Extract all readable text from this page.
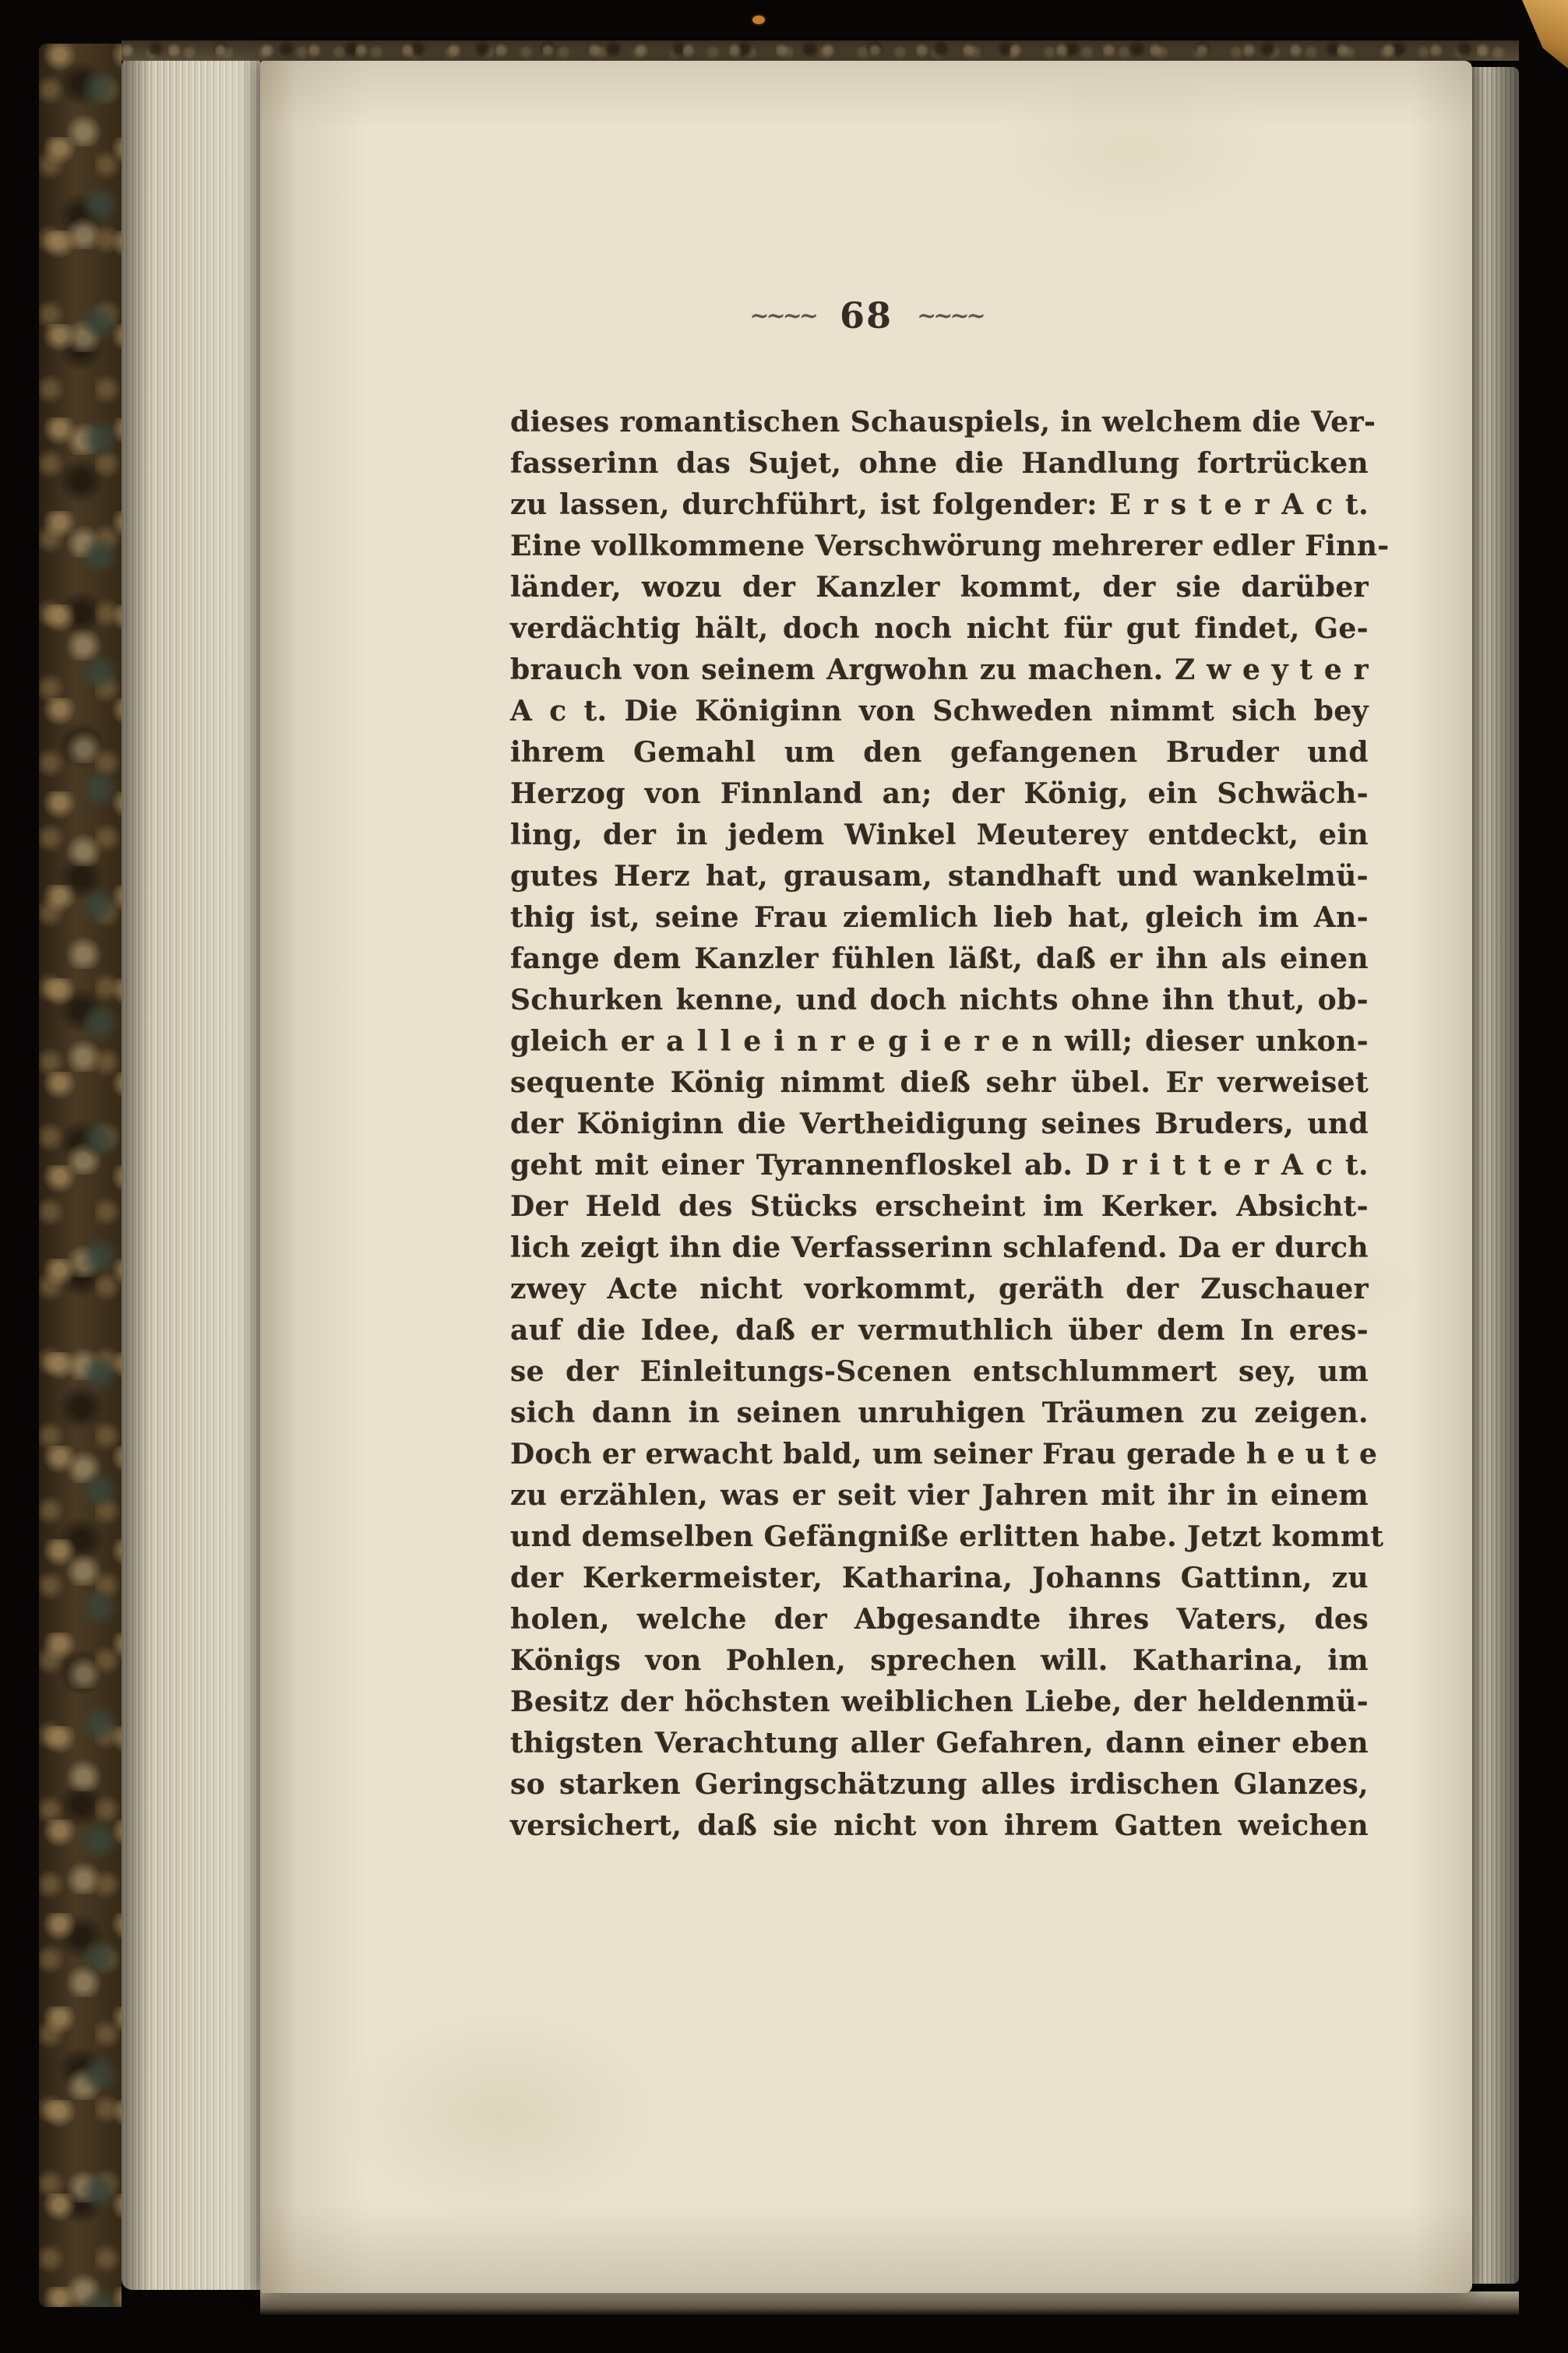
~~~~ 68 ~~~~
dieses romantischen Schauspiels, in welchem die Ver-
fasserinn das Sujet, ohne die Handlung fortrücken
zu lassen, durchführt, ist folgender: E r s t e r A c t.
Eine vollkommene Verschwörung mehrerer edler Finn-
länder, wozu der Kanzler kommt, der sie darüber
verdächtig hält, doch noch nicht für gut findet, Ge-
brauch von seinem Argwohn zu machen. Z w e y t e r
A c t. Die Königinn von Schweden nimmt sich bey
ihrem Gemahl um den gefangenen Bruder und
Herzog von Finnland an; der König, ein Schwäch-
ling, der in jedem Winkel Meuterey entdeckt, ein
gutes Herz hat, grausam, standhaft und wankelmü-
thig ist, seine Frau ziemlich lieb hat, gleich im An-
fange dem Kanzler fühlen läßt, daß er ihn als einen
Schurken kenne, und doch nichts ohne ihn thut, ob-
gleich er a l l e i n r e g i e r e n will; dieser unkon-
sequente König nimmt dieß sehr übel. Er verweiset
der Königinn die Vertheidigung seines Bruders, und
geht mit einer Tyrannenfloskel ab. D r i t t e r A c t.
Der Held des Stücks erscheint im Kerker. Absicht-
lich zeigt ihn die Verfasserinn schlafend. Da er durch
zwey Acte nicht vorkommt, geräth der Zuschauer
auf die Idee, daß er vermuthlich über dem In eres-
se der Einleitungs-Scenen entschlummert sey, um
sich dann in seinen unruhigen Träumen zu zeigen.
Doch er erwacht bald, um seiner Frau gerade h e u t e
zu erzählen, was er seit vier Jahren mit ihr in einem
und demselben Gefängniße erlitten habe. Jetzt kommt
der Kerkermeister, Katharina, Johanns Gattinn, zu
holen, welche der Abgesandte ihres Vaters, des
Königs von Pohlen, sprechen will. Katharina, im
Besitz der höchsten weiblichen Liebe, der heldenmü-
thigsten Verachtung aller Gefahren, dann einer eben
so starken Geringschätzung alles irdischen Glanzes,
versichert, daß sie nicht von ihrem Gatten weichen
